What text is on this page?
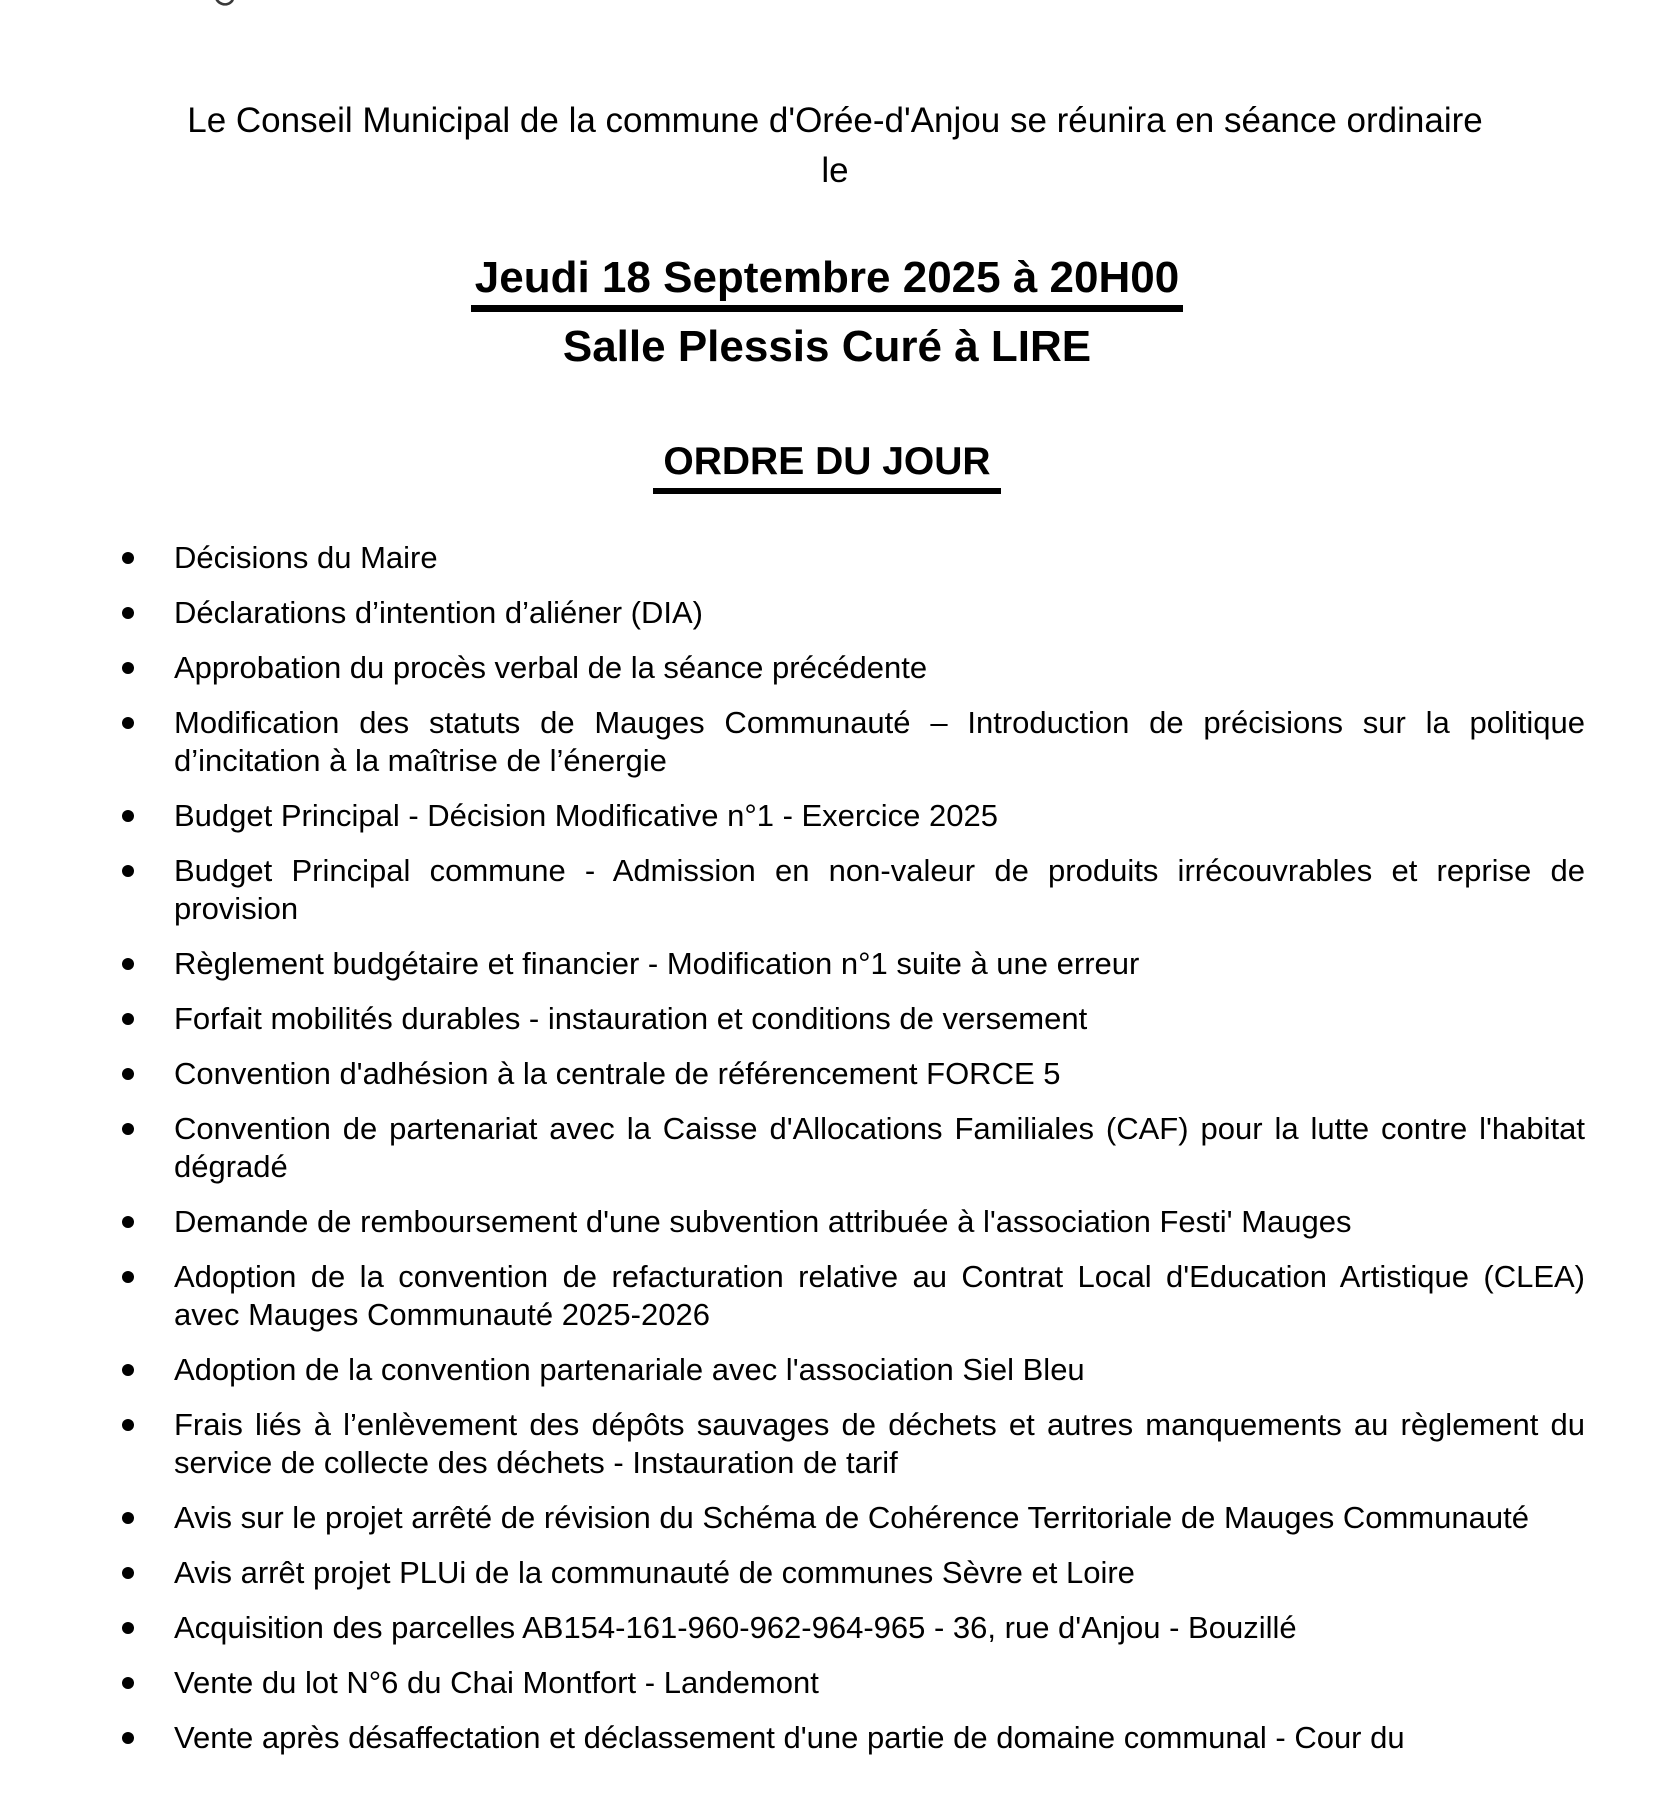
Le Conseil Municipal de la commune d'Orée-d'Anjou se réunira en séance ordinaire
le
Jeudi 18 Septembre 2025 à 20H00
Salle Plessis Curé à LIRE
ORDRE DU JOUR
Décisions du Maire
Déclarations d’intention d’aliéner (DIA)
Approbation du procès verbal de la séance précédente
Modification des statuts de Mauges Communauté – Introduction de précisions sur la politique d’incitation à la maîtrise de l’énergie
Budget Principal - Décision Modificative n°1 - Exercice 2025
Budget Principal commune - Admission en non-valeur de produits irrécouvrables et reprise de provision
Règlement budgétaire et financier - Modification n°1 suite à une erreur
Forfait mobilités durables - instauration et conditions de versement
Convention d'adhésion à la centrale de référencement FORCE 5
Convention de partenariat avec la Caisse d'Allocations Familiales (CAF) pour la lutte contre l'habitat dégradé
Demande de remboursement d'une subvention attribuée à l'association Festi' Mauges
Adoption de la convention de refacturation relative au Contrat Local d'Education Artistique (CLEA) avec Mauges Communauté 2025-2026
Adoption de la convention partenariale avec l'association Siel Bleu
Frais liés à l’enlèvement des dépôts sauvages de déchets et autres manquements au règlement du service de collecte des déchets - Instauration de tarif
Avis sur le projet arrêté de révision du Schéma de Cohérence Territoriale de Mauges Communauté
Avis arrêt projet PLUi de la communauté de communes Sèvre et Loire
Acquisition des parcelles AB154-161-960-962-964-965 - 36, rue d'Anjou - Bouzillé
Vente du lot N°6 du Chai Montfort - Landemont
Vente après désaffectation et déclassement d'une partie de domaine communal - Cour du
